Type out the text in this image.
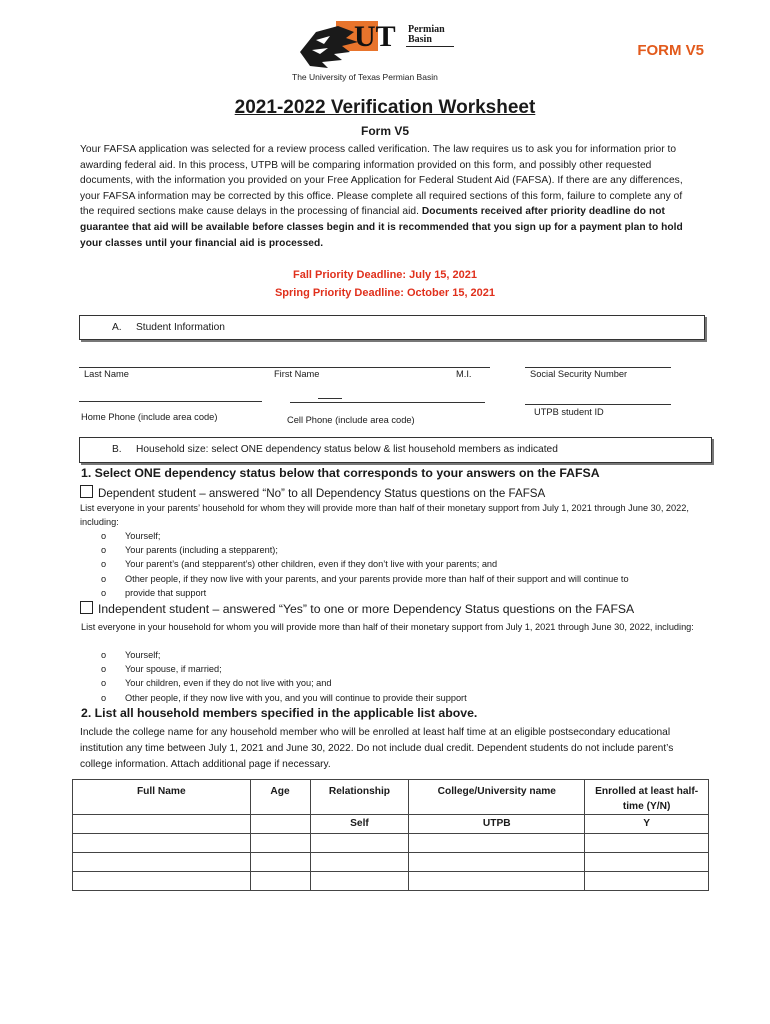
UT Permian
Basin
The University of Texas Permian Basin
FORM V5
2021-2022 Verification Worksheet
Form V5
Your FAFSA application was selected for a review process called verification. The law requires us to ask you for information prior to awarding federal aid. In this process, UTPB will be comparing information provided on this form, and possibly other requested documents, with the information you provided on your Free Application for Federal Student Aid (FAFSA). If there are any differences, your FAFSA information may be corrected by this office. Please complete all required sections of this form, failure to complete any of the required sections make cause delays in the processing of financial aid. Documents received after priority deadline do not guarantee that aid will be available before classes begin and it is recommended that you sign up for a payment plan to hold your classes until your financial aid is processed.
Fall Priority Deadline: July 15, 2021
Spring Priority Deadline: October 15, 2021
A. Student Information
Last Name	First Name	M.I.	Social Security Number
Home Phone (include area code)	Cell Phone (include area code)
UTPB student ID
B. Household size: select ONE dependency status below & list household members as indicated
1. Select ONE dependency status below that corresponds to your answers on the FAFSA
Dependent student – answered “No” to all Dependency Status questions on the FAFSA
List everyone in your parents’ household for whom they will provide more than half of their monetary support from July 1, 2021 through June 30, 2022, including:
o Yourself;
o Your parents (including a stepparent);
o Your parent’s (and stepparent’s) other children, even if they don’t live with your parents; and
o Other people, if they now live with your parents, and your parents provide more than half of their support and will continue to
o provide that support
Independent student – answered “Yes” to one or more Dependency Status questions on the FAFSA
List everyone in your household for whom you will provide more than half of their monetary support from July 1, 2021 through June 30, 2022, including:
o Yourself;
o Your spouse, if married;
o Your children, even if they do not live with you; and
o Other people, if they now live with you, and you will continue to provide their support
2. List all household members specified in the applicable list above.
Include the college name for any household member who will be enrolled at least half time at an eligible postsecondary educational institution any time between July 1, 2021 and June 30, 2022. Do not include dual credit. Dependent students do not include parent’s college information. Attach additional page if necessary.
Full Name	Age	Relationship	College/University name	Enrolled at least half-time (Y/N)
		Self	UTPB	Y
